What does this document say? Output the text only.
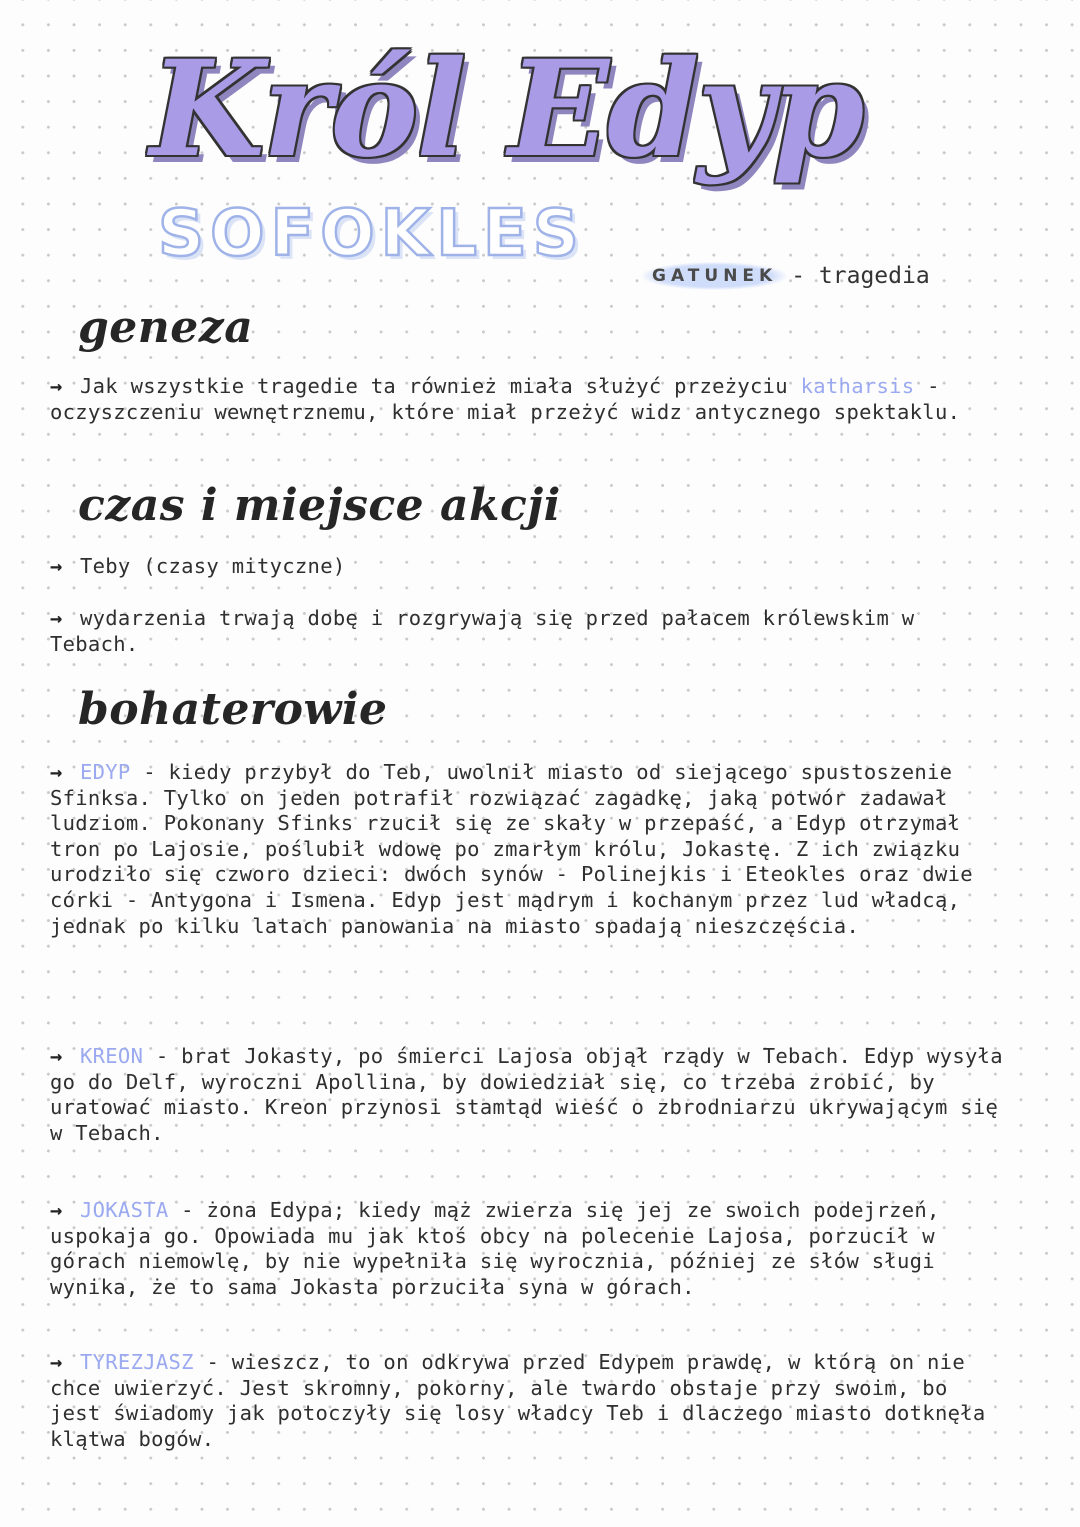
Król Edyp
SOFOKLES
GATUNEK - tragedia
geneza
→ Jak wszystkie tragedie ta również miała służyć przeżyciu katharsis - oczyszczeniu wewnętrznemu, które miał przeżyć widz antycznego spektaklu.
czas i miejsce akcji
→ Teby (czasy mityczne)
→ wydarzenia trwają dobę i rozgrywają się przed pałacem królewskim w Tebach.
bohaterowie
→ EDYP - kiedy przybył do Teb, uwolnił miasto od siejącego spustoszenie Sfinksa. Tylko on jeden potrafił rozwiązać zagadkę, jaką potwór zadawał ludziom. Pokonany Sfinks rzucił się ze skały w przepaść, a Edyp otrzymał tron po Lajosie, poślubił wdowę po zmarłym królu, Jokastę. Z ich związku urodziło się czworo dzieci: dwóch synów - Polinejkis i Eteokles oraz dwie córki - Antygona i Ismena. Edyp jest mądrym i kochanym przez lud władcą, jednak po kilku latach panowania na miasto spadają nieszczęścia.
→ KREON - brat Jokasty, po śmierci Lajosa objął rządy w Tebach. Edyp wysyła go do Delf, wyroczni Apollina, by dowiedział się, co trzeba zrobić, by uratować miasto. Kreon przynosi stamtąd wieść o zbrodniarzu ukrywającym się w Tebach.
→ JOKASTA - żona Edypa; kiedy mąż zwierza się jej ze swoich podejrzeń, uspokaja go. Opowiada mu jak ktoś obcy na polecenie Lajosa, porzucił w górach niemowlę, by nie wypełniła się wyrocznia, później ze słów sługi wynika, że to sama Jokasta porzuciła syna w górach.
→ TYREZJASZ - wieszcz, to on odkrywa przed Edypem prawdę, w którą on nie chce uwierzyć. Jest skromny, pokorny, ale twardo obstaje przy swoim, bo jest świadomy jak potoczyły się losy władcy Teb i dlaczego miasto dotknęła klątwa bogów.
